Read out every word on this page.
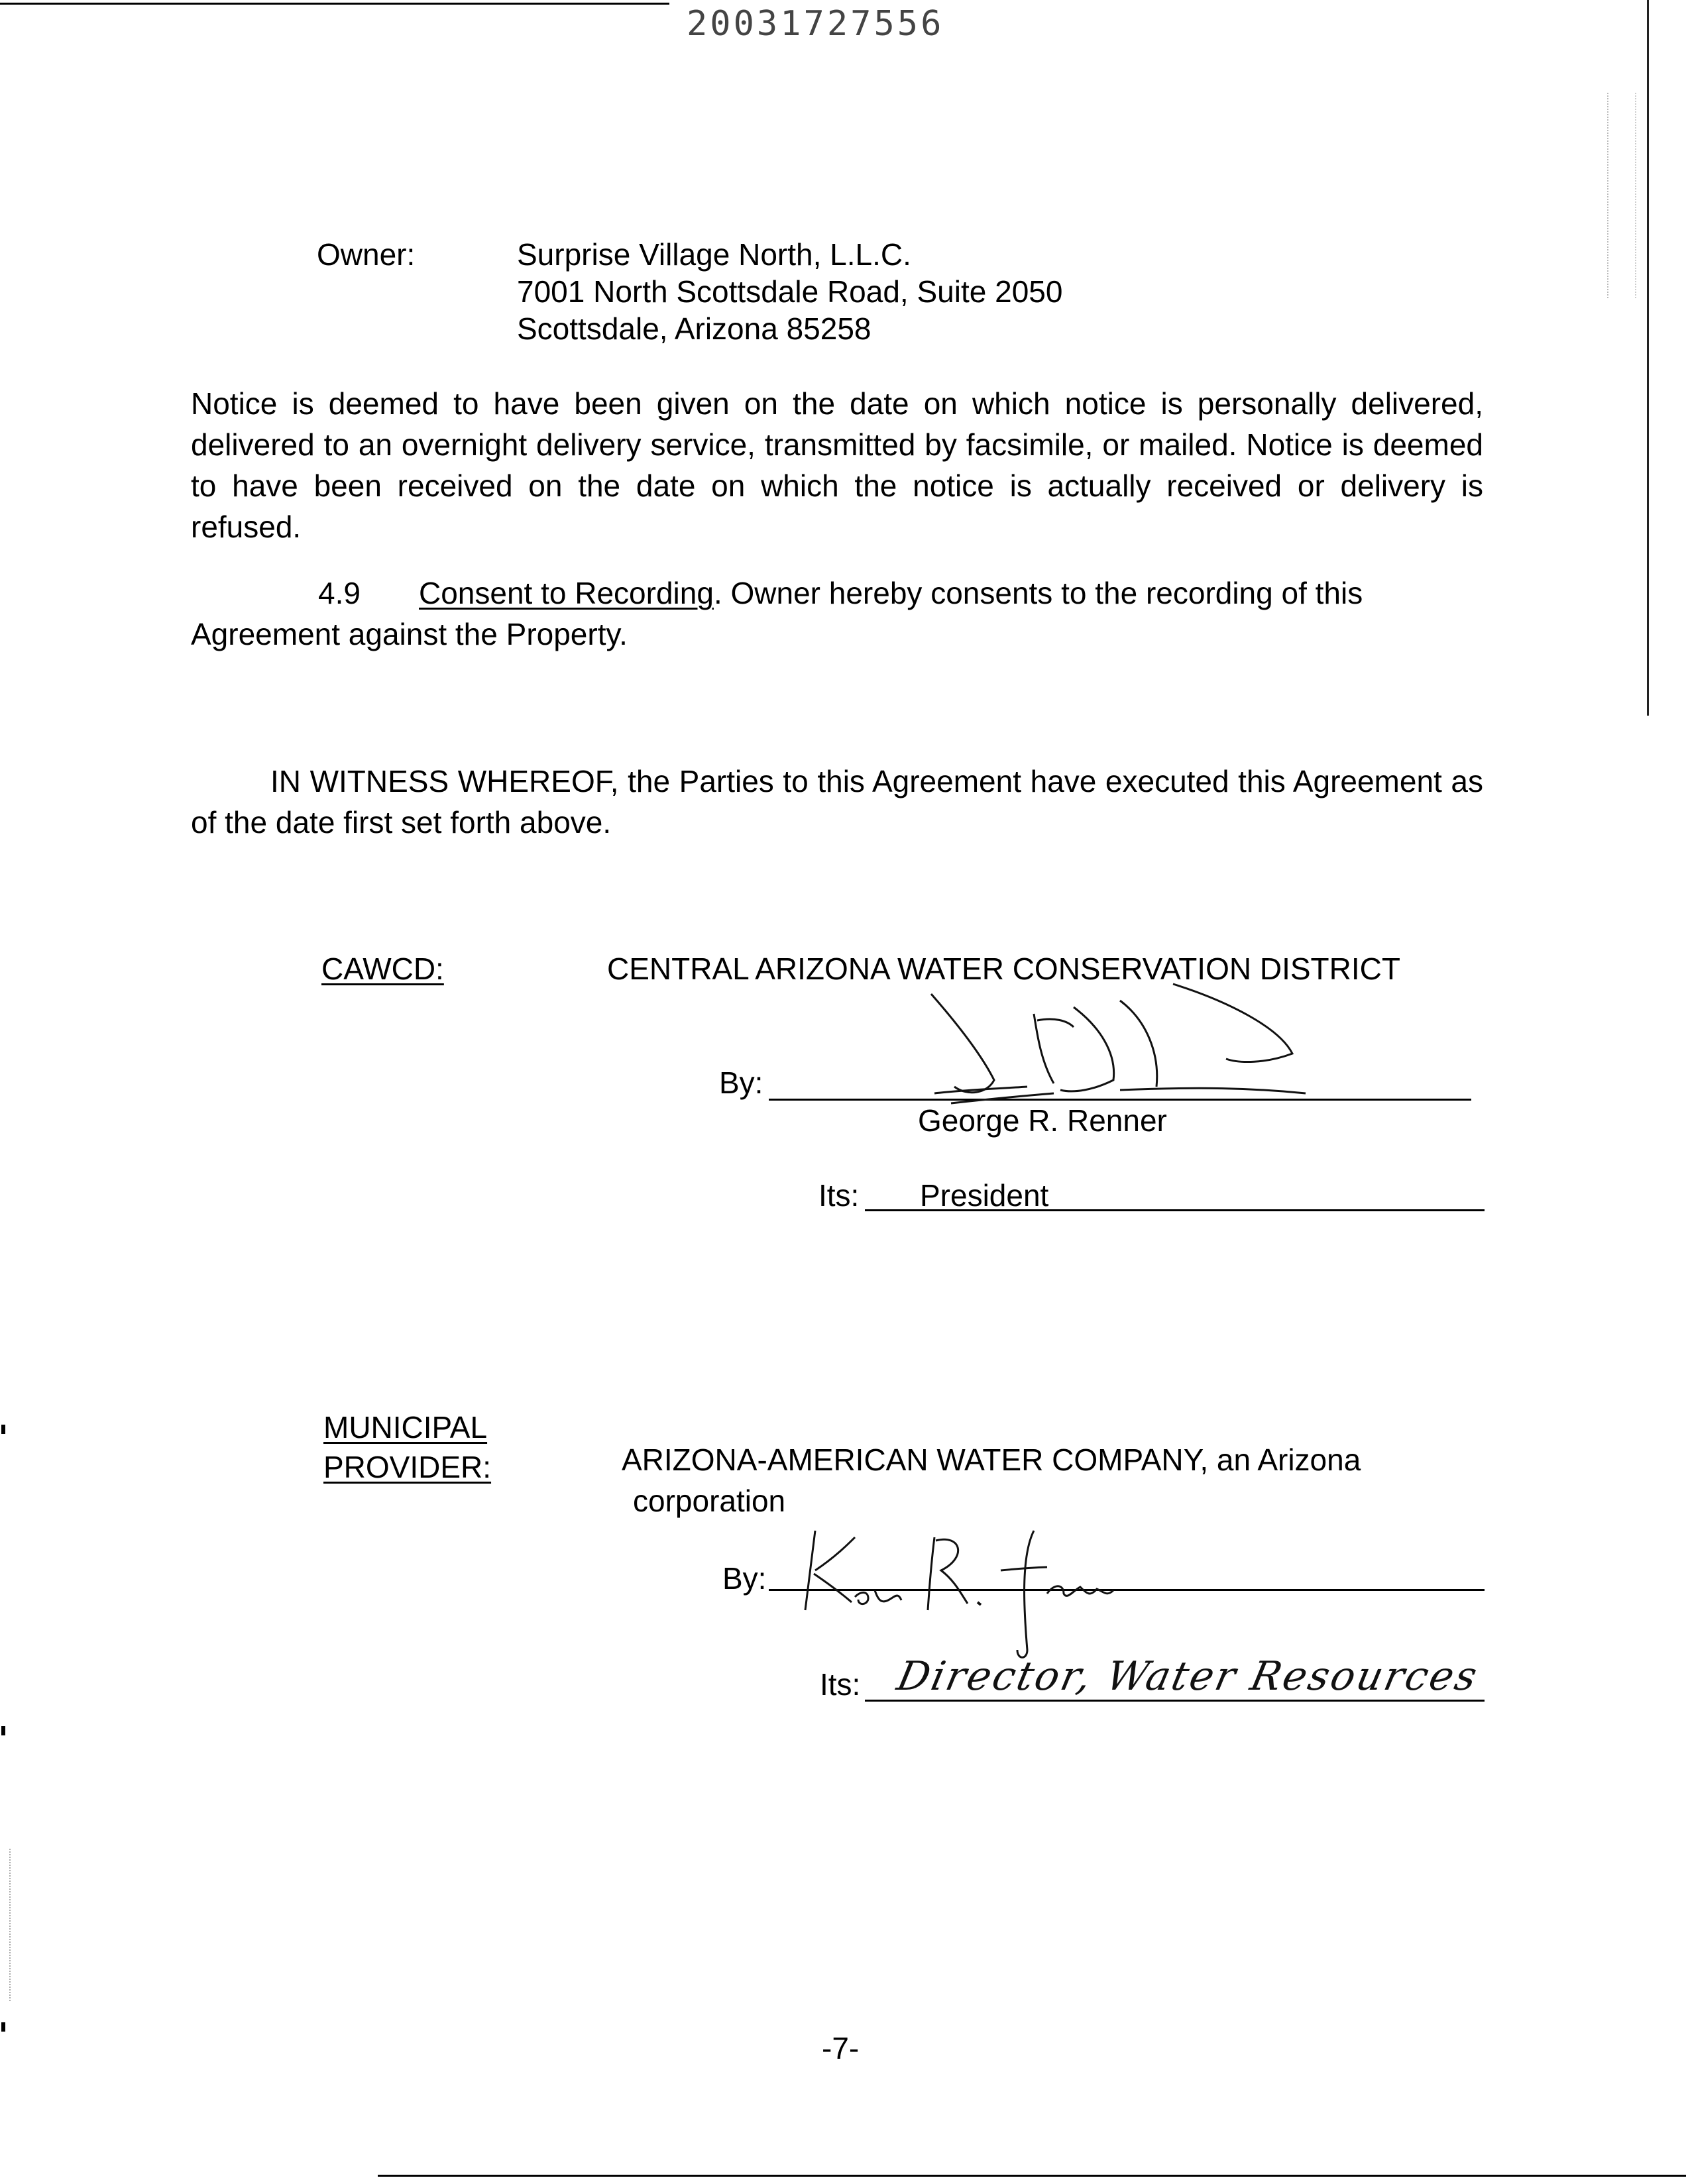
20031727556
Owner:	Surprise Village North, L.L.C.
7001 North Scottsdale Road, Suite 2050
Scottsdale, Arizona 85258
Notice is deemed to have been given on the date on which notice is personally delivered, delivered to an overnight delivery service, transmitted by facsimile, or mailed. Notice is deemed to have been received on the date on which the notice is actually received or delivery is refused.
4.9 Consent to Recording. Owner hereby consents to the recording of this
Agreement against the Property.
IN WITNESS WHEREOF, the Parties to this Agreement have executed this Agreement as of the date first set forth above.
CAWCD:	CENTRAL ARIZONA WATER CONSERVATION DISTRICT
By:
George R. Renner
Its: President
MUNICIPAL
PROVIDER:	ARIZONA-AMERICAN WATER COMPANY, an Arizona
corporation
By:
Its: Director, Water Resources
-7-
